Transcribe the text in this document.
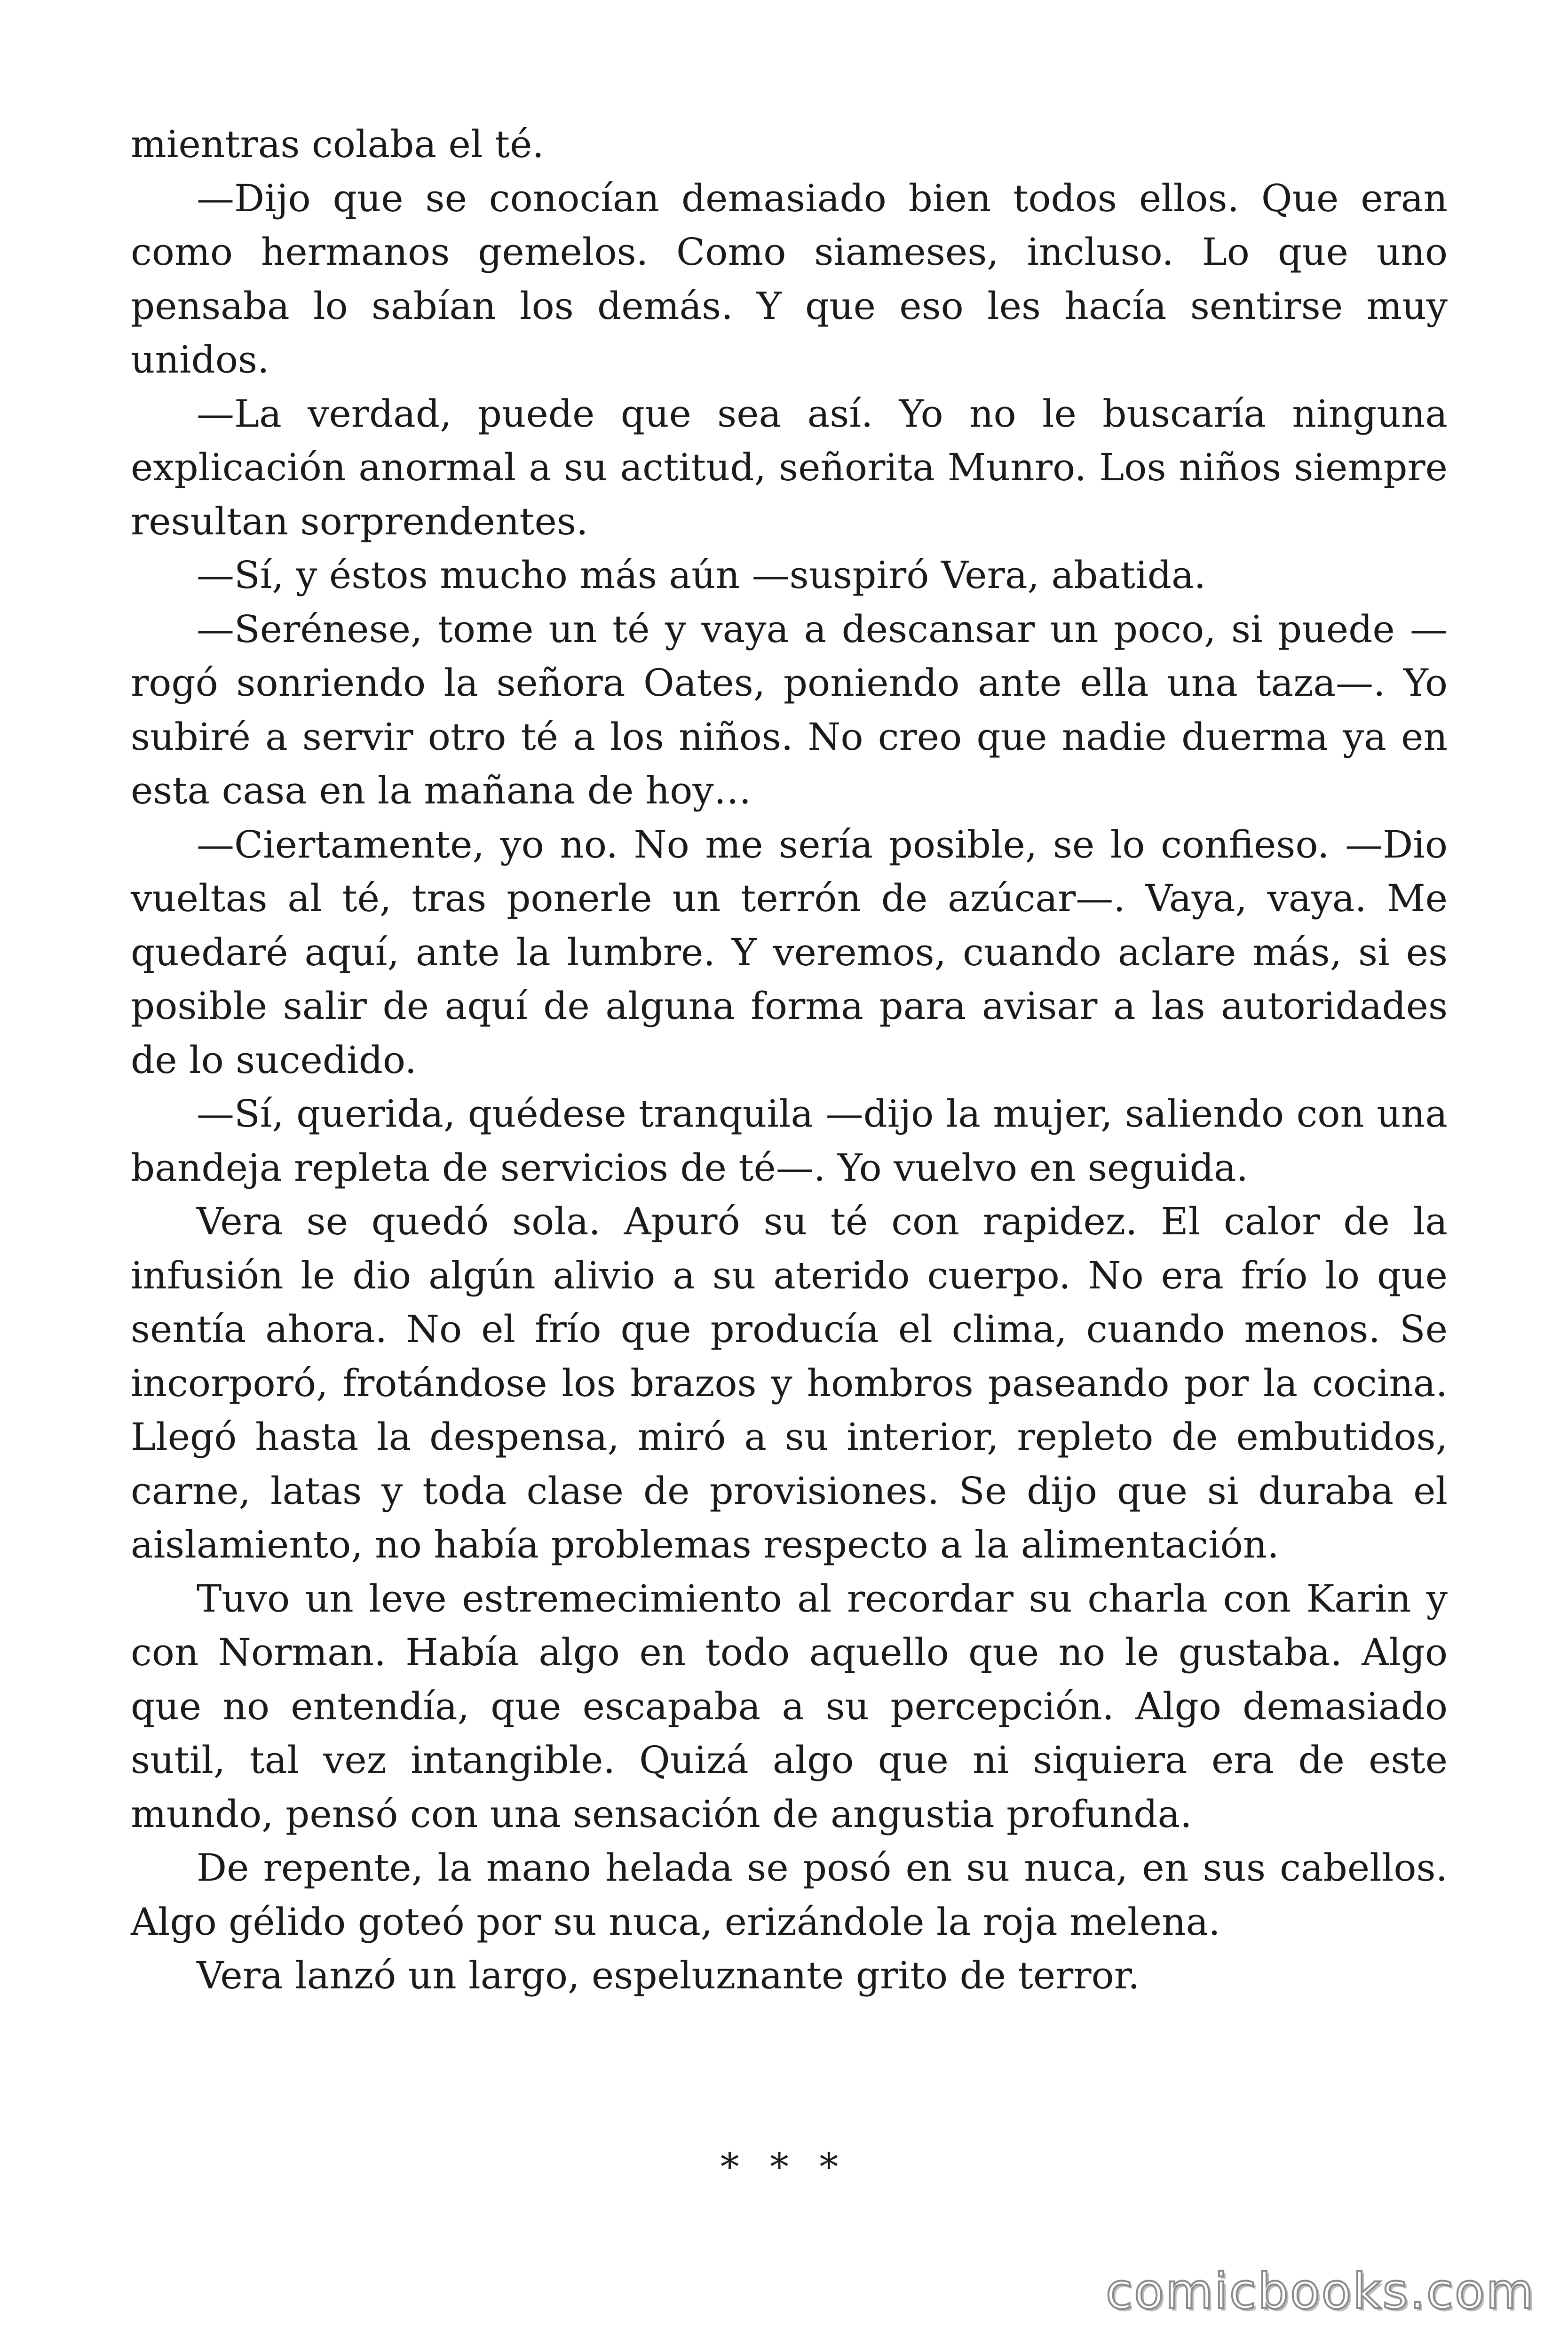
mientras colaba el té.

—Dijo que se conocían demasiado bien todos ellos. Que eran como hermanos gemelos. Como siameses, incluso. Lo que uno pensaba lo sabían los demás. Y que eso les hacía sentirse muy unidos.

—La verdad, puede que sea así. Yo no le buscaría ninguna explicación anormal a su actitud, señorita Munro. Los niños siempre resultan sorprendentes.

—Sí, y éstos mucho más aún —suspiró Vera, abatida.

—Serénese, tome un té y vaya a descansar un poco, si puede —rogó sonriendo la señora Oates, poniendo ante ella una taza—. Yo subiré a servir otro té a los niños. No creo que nadie duerma ya en esta casa en la mañana de hoy…

—Ciertamente, yo no. No me sería posible, se lo confieso. —Dio vueltas al té, tras ponerle un terrón de azúcar—. Vaya, vaya. Me quedaré aquí, ante la lumbre. Y veremos, cuando aclare más, si es posible salir de aquí de alguna forma para avisar a las autoridades de lo sucedido.

—Sí, querida, quédese tranquila —dijo la mujer, saliendo con una bandeja repleta de servicios de té—. Yo vuelvo en seguida.

Vera se quedó sola. Apuró su té con rapidez. El calor de la infusión le dio algún alivio a su aterido cuerpo. No era frío lo que sentía ahora. No el frío que producía el clima, cuando menos. Se incorporó, frotándose los brazos y hombros paseando por la cocina. Llegó hasta la despensa, miró a su interior, repleto de embutidos, carne, latas y toda clase de provisiones. Se dijo que si duraba el aislamiento, no había problemas respecto a la alimentación.

Tuvo un leve estremecimiento al recordar su charla con Karin y con Norman. Había algo en todo aquello que no le gustaba. Algo que no entendía, que escapaba a su percepción. Algo demasiado sutil, tal vez intangible. Quizá algo que ni siquiera era de este mundo, pensó con una sensación de angustia profunda.

De repente, la mano helada se posó en su nuca, en sus cabellos. Algo gélido goteó por su nuca, erizándole la roja melena.

Vera lanzó un largo, espeluznante grito de terror.

* * *
comicbooks.com
